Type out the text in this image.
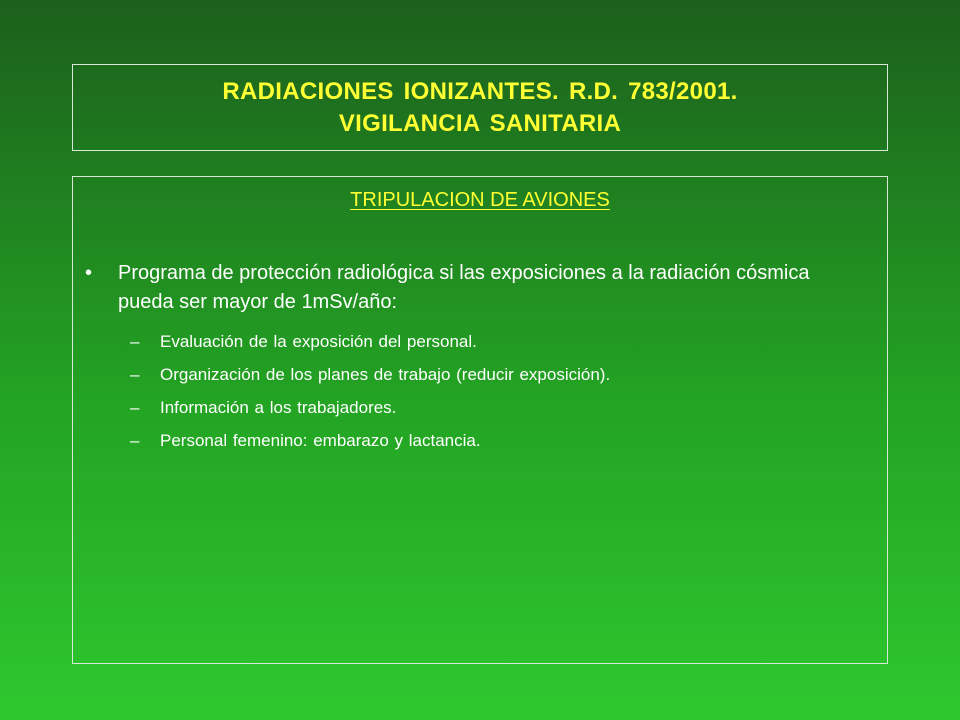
RADIACIONES IONIZANTES. R.D. 783/2001.
VIGILANCIA SANITARIA
TRIPULACION DE AVIONES
•	Programa de protección radiológica si las exposiciones a la radiación cósmica pueda ser mayor de 1mSv/año:
–	Evaluación de la exposición del personal.
–	Organización de los planes de trabajo (reducir exposición).
–	Información a los trabajadores.
–	Personal femenino: embarazo y lactancia.
